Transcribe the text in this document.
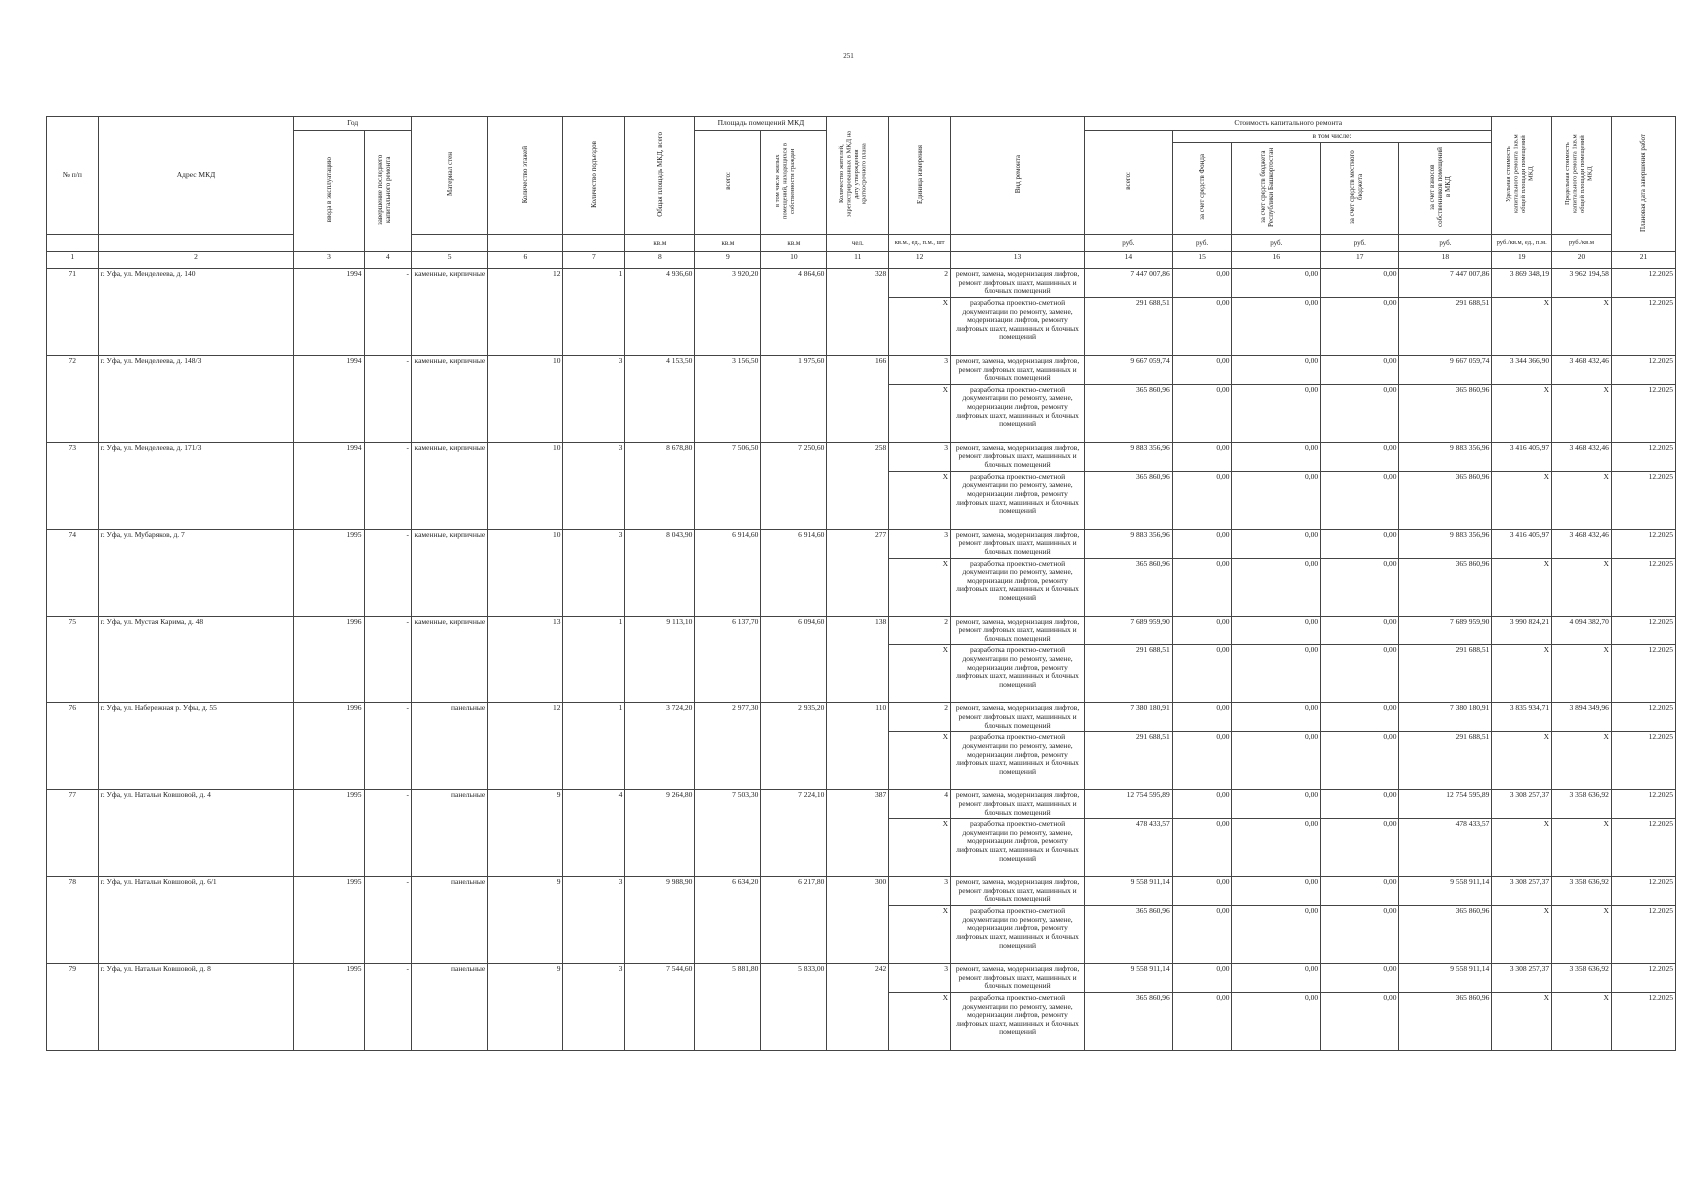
251
№ п/п	Адрес МКД	Год		Материал стен	Количество этажей	Количество подъездов	Общая площадь МКД, всего	Площадь помещений МКД		Количество жителей, зарегистрированных в МКД на дату утверждения краткосрочного плана	Единица измерения	Вид ремонта	Стоимость капитального ремонта					Удельная стоимость капитального ремонта 1кв.м общей площади помещений МКД	Предельная стоимость капитального ремонта 1кв.м общей площади помещений МКД	Плановая дата завершения работ
		ввода в эксплуатацию	завершение последнего капитального ремонта					всего:	в том числе жилых помещений, находящихся в собственности граждан				всего:	в том числе:						
														за счет средств Фонда	за счет средств бюджета Республики Башкортостан	за счет средств местного бюджета	за счет взносов собственников помещений в МКД			
							кв.м	кв.м	кв.м	чел.	кв.м., ед., п.м., шт		руб.	руб.	руб.	руб.	руб.	руб./кв.м, ед., п.м.	руб./кв.м	
1	2	3	4	5	6	7	8	9	10	11	12	13	14	15	16	17	18	19	20	21
71	г. Уфа, ул. Менделеева, д. 140	1994	-	каменные, кирпичные	12	1	4 936,60	3 920,20	4 864,60	328	2	ремонт, замена, модернизация лифтов, ремонт лифтовых шахт, машинных и блочных помещений	7 447 007,86	0,00	0,00	0,00	7 447 007,86	3 869 348,19	3 962 194,58	12.2025
											X	разработка проектно-сметной документации по ремонту, замене, модернизации лифтов, ремонту лифтовых шахт, машинных и блочных помещений	291 688,51	0,00	0,00	0,00	291 688,51	X	X	12.2025
72	г. Уфа, ул. Менделеева, д. 148/3	1994	-	каменные, кирпичные	10	3	4 153,50	3 156,50	1 975,60	166	3	ремонт, замена, модернизация лифтов, ремонт лифтовых шахт, машинных и блочных помещений	9 667 059,74	0,00	0,00	0,00	9 667 059,74	3 344 366,90	3 468 432,46	12.2025
											X	разработка проектно-сметной документации по ремонту, замене, модернизации лифтов, ремонту лифтовых шахт, машинных и блочных помещений	365 860,96	0,00	0,00	0,00	365 860,96	X	X	12.2025
73	г. Уфа, ул. Менделеева, д. 171/3	1994	-	каменные, кирпичные	10	3	8 678,80	7 506,50	7 250,60	258	3	ремонт, замена, модернизация лифтов, ремонт лифтовых шахт, машинных и блочных помещений	9 883 356,96	0,00	0,00	0,00	9 883 356,96	3 416 405,97	3 468 432,46	12.2025
											X	разработка проектно-сметной документации по ремонту, замене, модернизации лифтов, ремонту лифтовых шахт, машинных и блочных помещений	365 860,96	0,00	0,00	0,00	365 860,96	X	X	12.2025
74	г. Уфа, ул. Мубаряков, д. 7	1995	-	каменные, кирпичные	10	3	8 043,90	6 914,60	6 914,60	277	3	ремонт, замена, модернизация лифтов, ремонт лифтовых шахт, машинных и блочных помещений	9 883 356,96	0,00	0,00	0,00	9 883 356,96	3 416 405,97	3 468 432,46	12.2025
											X	разработка проектно-сметной документации по ремонту, замене, модернизации лифтов, ремонту лифтовых шахт, машинных и блочных помещений	365 860,96	0,00	0,00	0,00	365 860,96	X	X	12.2025
75	г. Уфа, ул. Мустая Карима, д. 48	1996	-	каменные, кирпичные	13	1	9 113,10	6 137,70	6 094,60	138	2	ремонт, замена, модернизация лифтов, ремонт лифтовых шахт, машинных и блочных помещений	7 689 959,90	0,00	0,00	0,00	7 689 959,90	3 990 824,21	4 094 382,70	12.2025
											X	разработка проектно-сметной документации по ремонту, замене, модернизации лифтов, ремонту лифтовых шахт, машинных и блочных помещений	291 688,51	0,00	0,00	0,00	291 688,51	X	X	12.2025
76	г. Уфа, ул. Набережная р. Уфы, д. 55	1996	-	панельные	12	1	3 724,20	2 977,30	2 935,20	110	2	ремонт, замена, модернизация лифтов, ремонт лифтовых шахт, машинных и блочных помещений	7 380 180,91	0,00	0,00	0,00	7 380 180,91	3 835 934,71	3 894 349,96	12.2025
											X	разработка проектно-сметной документации по ремонту, замене, модернизации лифтов, ремонту лифтовых шахт, машинных и блочных помещений	291 688,51	0,00	0,00	0,00	291 688,51	X	X	12.2025
77	г. Уфа, ул. Натальи Ковшовой, д. 4	1995	-	панельные	9	4	9 264,80	7 503,30	7 224,10	387	4	ремонт, замена, модернизация лифтов, ремонт лифтовых шахт, машинных и блочных помещений	12 754 595,89	0,00	0,00	0,00	12 754 595,89	3 308 257,37	3 358 636,92	12.2025
											X	разработка проектно-сметной документации по ремонту, замене, модернизации лифтов, ремонту лифтовых шахт, машинных и блочных помещений	478 433,57	0,00	0,00	0,00	478 433,57	X	X	12.2025
78	г. Уфа, ул. Натальи Ковшовой, д. 6/1	1995	-	панельные	9	3	9 988,90	6 634,20	6 217,80	300	3	ремонт, замена, модернизация лифтов, ремонт лифтовых шахт, машинных и блочных помещений	9 558 911,14	0,00	0,00	0,00	9 558 911,14	3 308 257,37	3 358 636,92	12.2025
											X	разработка проектно-сметной документации по ремонту, замене, модернизации лифтов, ремонту лифтовых шахт, машинных и блочных помещений	365 860,96	0,00	0,00	0,00	365 860,96	X	X	12.2025
79	г. Уфа, ул. Натальи Ковшовой, д. 8	1995	-	панельные	9	3	7 544,60	5 881,80	5 833,00	242	3	ремонт, замена, модернизация лифтов, ремонт лифтовых шахт, машинных и блочных помещений	9 558 911,14	0,00	0,00	0,00	9 558 911,14	3 308 257,37	3 358 636,92	12.2025
											X	разработка проектно-сметной документации по ремонту, замене, модернизации лифтов, ремонту лифтовых шахт, машинных и блочных помещений	365 860,96	0,00	0,00	0,00	365 860,96	X	X	12.2025
